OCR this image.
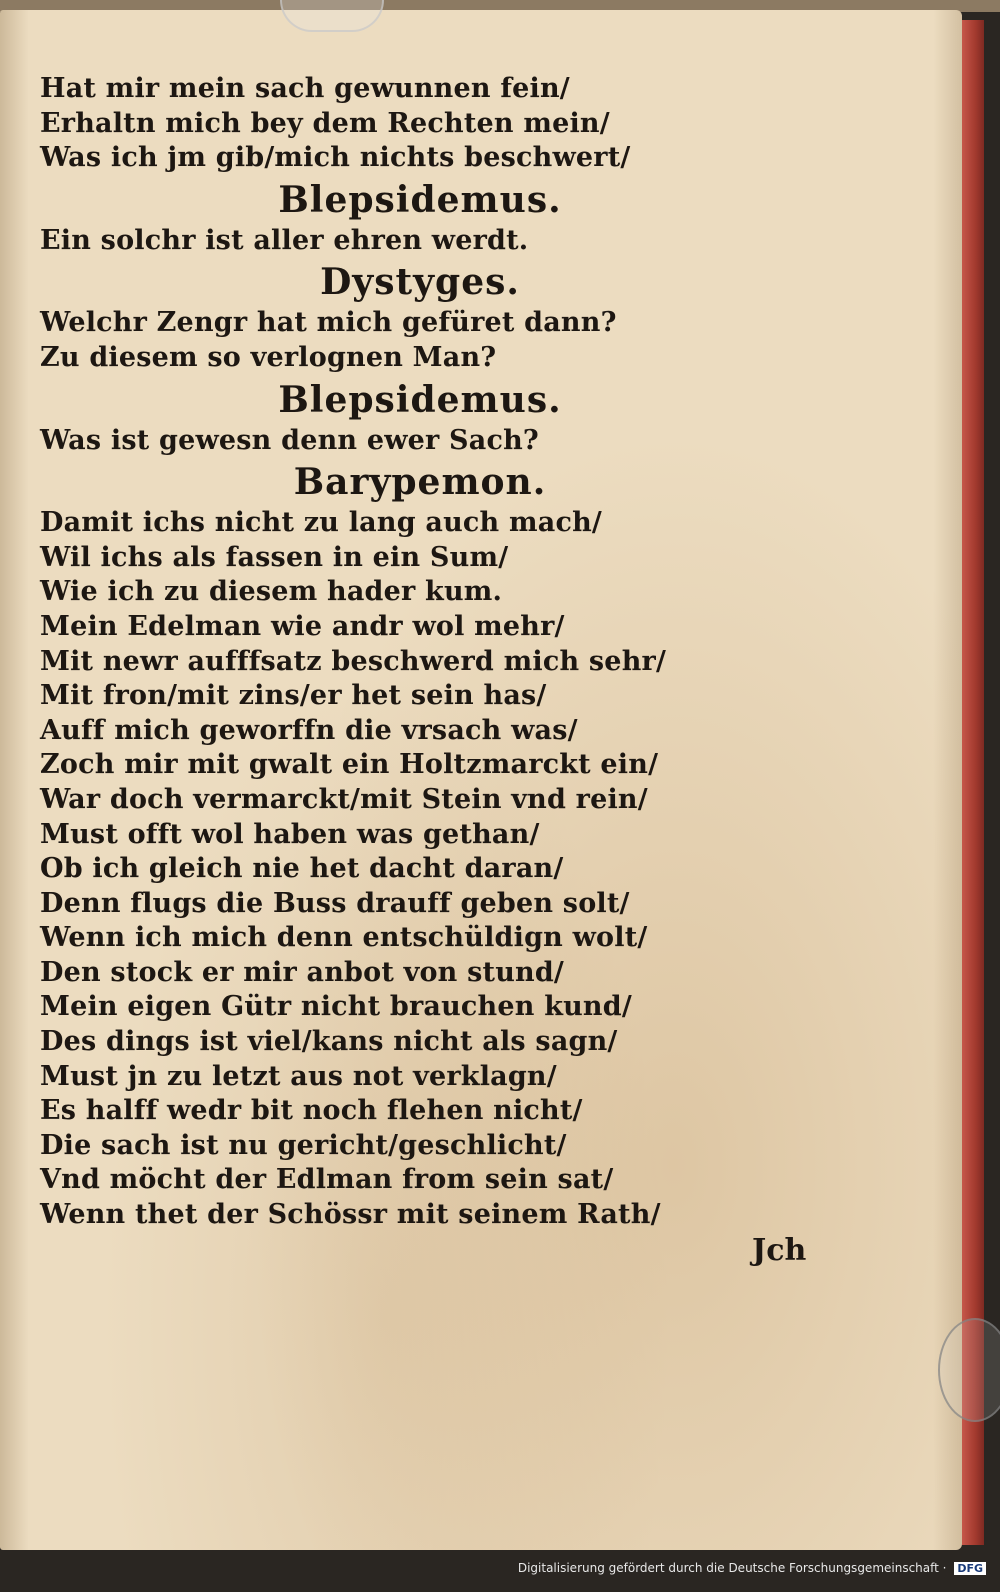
Hat mir mein sach gewunnen fein/
Erhaltn mich bey dem Rechten mein/
Was ich jm gib/mich nichts beschwert/
Blepsidemus.
Ein solchr ist aller ehren werdt.
Dystyges.
Welchr Zengr hat mich gefüret dann?
Zu diesem so verlognen Man?
Blepsidemus.
Was ist gewesn denn ewer Sach?
Barypemon.
Damit ichs nicht zu lang auch mach/
Wil ichs als fassen in ein Sum/
Wie ich zu diesem hader kum.
Mein Edelman wie andr wol mehr/
Mit newr aufffsatz beschwerd mich sehr/
Mit fron/mit zins/er het sein has/
Auff mich geworffn die vrsach was/
Zoch mir mit gwalt ein Holtzmarckt ein/
War doch vermarckt/mit Stein vnd rein/
Must offt wol haben was gethan/
Ob ich gleich nie het dacht daran/
Denn flugs die Buss drauff geben solt/
Wenn ich mich denn entschüldign wolt/
Den stock er mir anbot von stund/
Mein eigen Gütr nicht brauchen kund/
Des dings ist viel/kans nicht als sagn/
Must jn zu letzt aus not verklagn/
Es halff wedr bit noch flehen nicht/
Die sach ist nu gericht/geschlicht/
Vnd möcht der Edlman from sein sat/
Wenn thet der Schössr mit seinem Rath/
Jch
Digitalisierung gefördert durch die Deutsche Forschungsgemeinschaft · DFG
